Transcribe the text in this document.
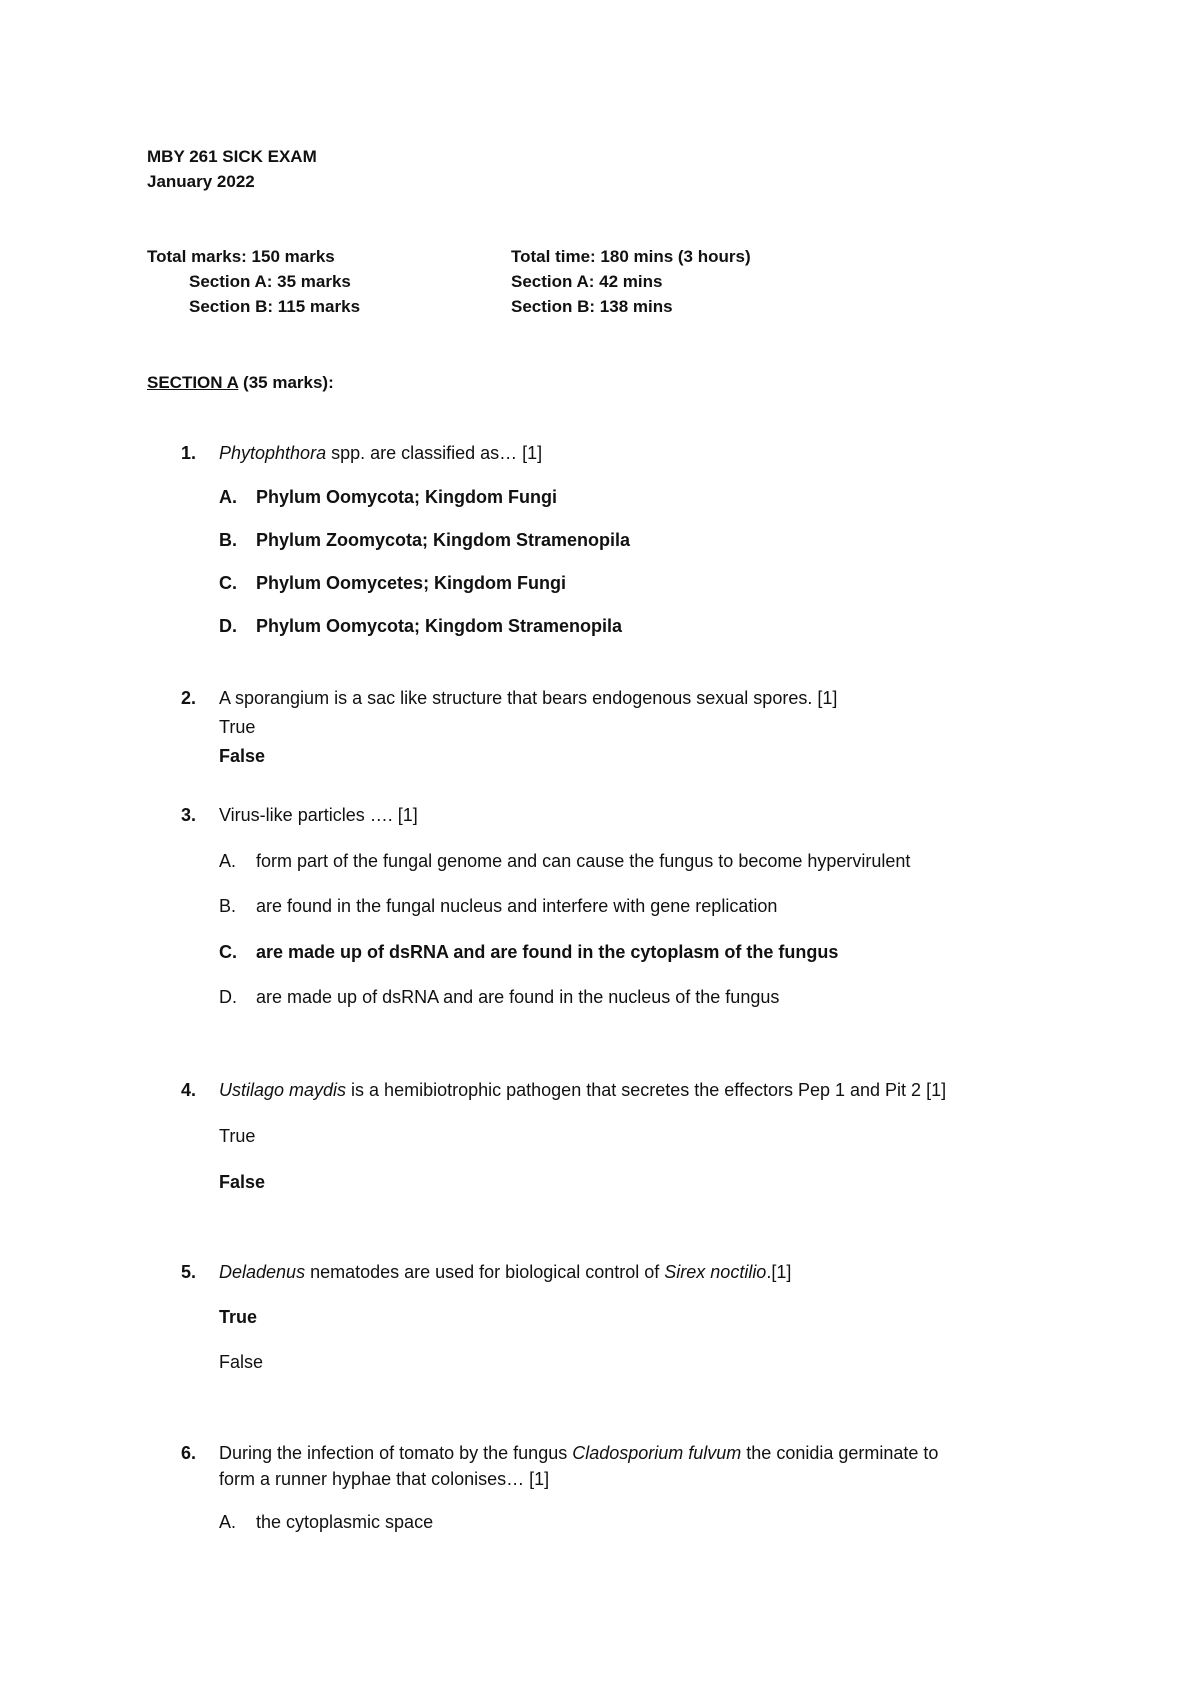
MBY 261 SICK EXAM
January 2022
Total marks: 150 marks
Section A: 35 marks
Section B: 115 marks
Total time: 180 mins (3 hours)
Section A: 42 mins
Section B: 138 mins
SECTION A (35 marks):
1. Phytophthora spp. are classified as… [1]
A. Phylum Oomycota; Kingdom Fungi
B. Phylum Zoomycota; Kingdom Stramenopila
C. Phylum Oomycetes; Kingdom Fungi
D. Phylum Oomycota; Kingdom Stramenopila
2. A sporangium is a sac like structure that bears endogenous sexual spores. [1]
True
False
3. Virus-like particles …. [1]
A. form part of the fungal genome and can cause the fungus to become hypervirulent
B. are found in the fungal nucleus and interfere with gene replication
C. are made up of dsRNA and are found in the cytoplasm of the fungus
D. are made up of dsRNA and are found in the nucleus of the fungus
4. Ustilago maydis is a hemibiotrophic pathogen that secretes the effectors Pep 1 and Pit 2 [1]
True
False
5. Deladenus nematodes are used for biological control of Sirex noctilio.[1]
True
False
6. During the infection of tomato by the fungus Cladosporium fulvum the conidia germinate to
form a runner hyphae that colonises… [1]
A. the cytoplasmic space
